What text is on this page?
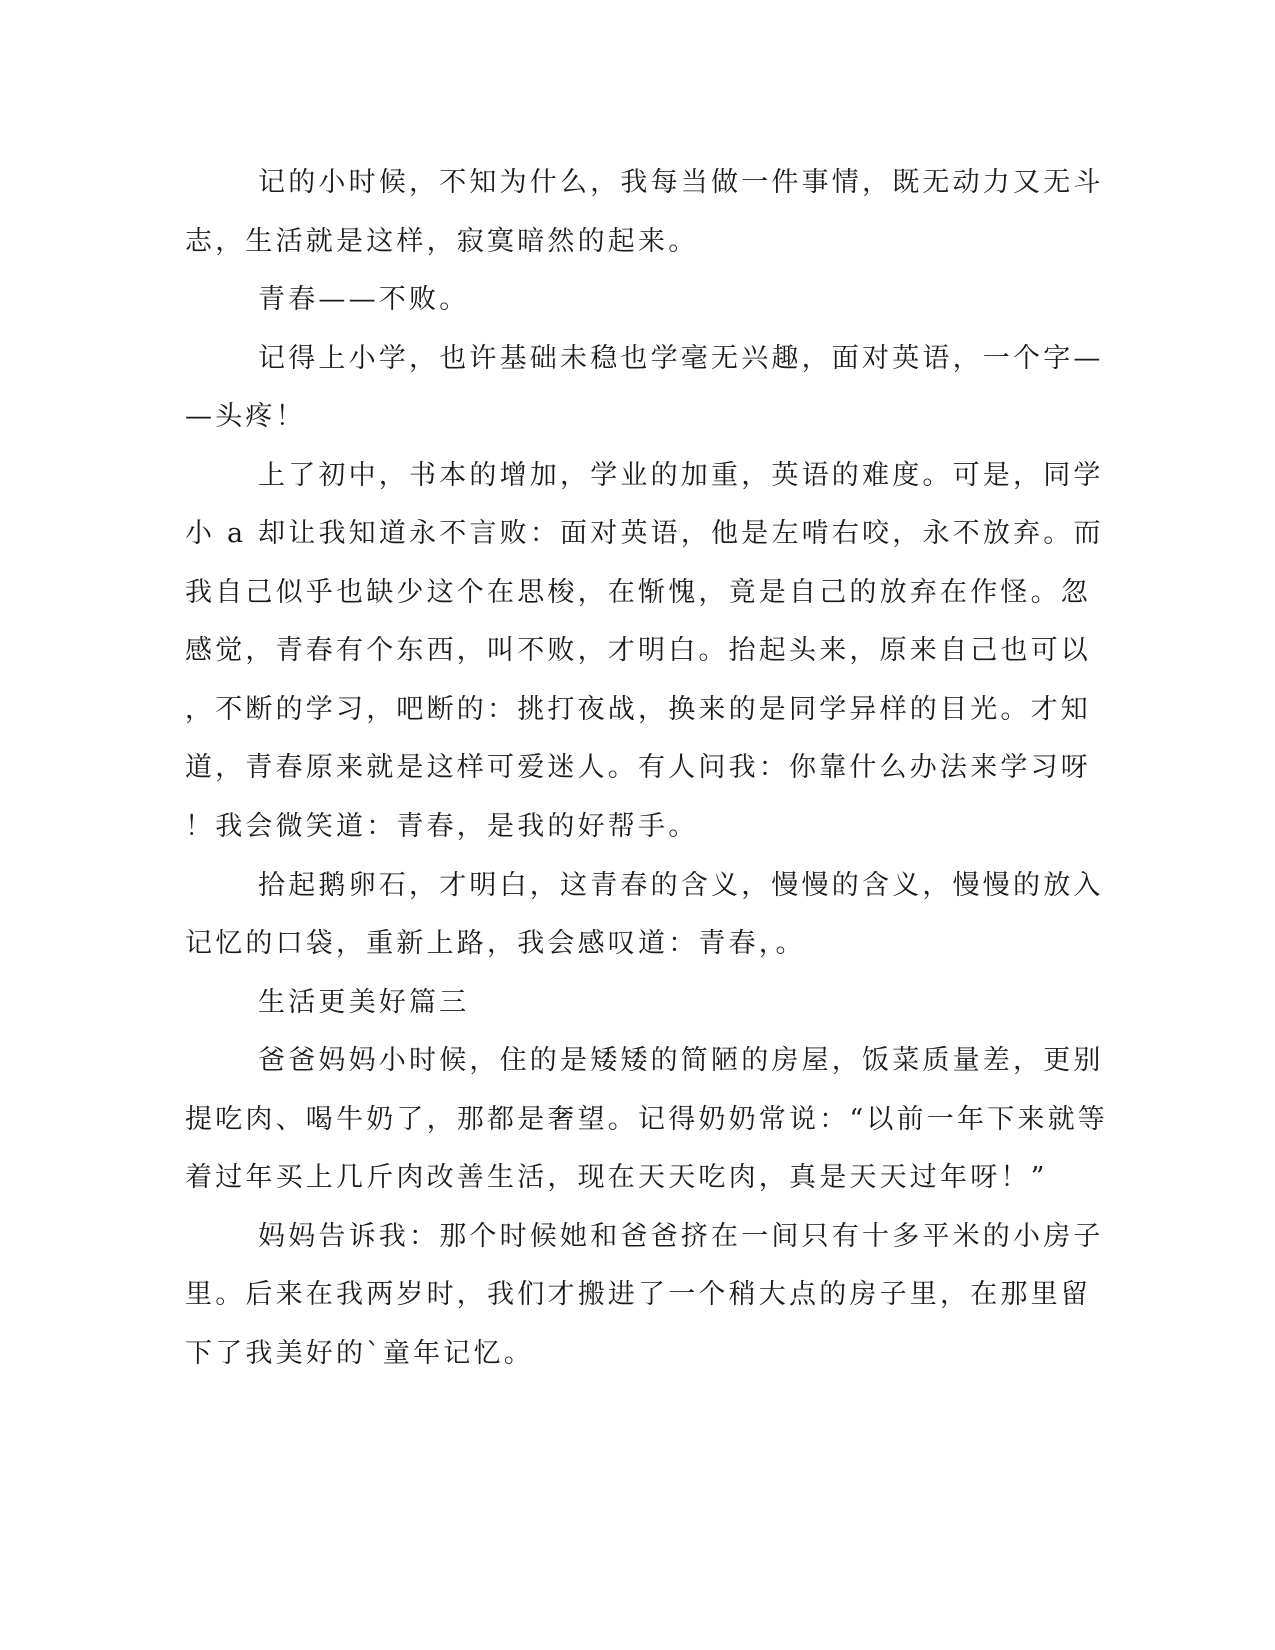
记的小时候，不知为什么，我每当做一件事情，既无动力又无斗
志，生活就是这样，寂寞暗然的起来。
青春——不败。
记得上小学，也许基础未稳也学毫无兴趣，面对英语，一个字—
—头疼！
上了初中，书本的增加，学业的加重，英语的难度。可是，同学
小 a 却让我知道永不言败：面对英语，他是左啃右咬，永不放弃。而
我自己似乎也缺少这个在思梭，在惭愧，竟是自己的放弃在作怪。忽
感觉，青春有个东西，叫不败，才明白。抬起头来，原来自己也可以
，不断的学习，吧断的：挑打夜战，换来的是同学异样的目光。才知
道，青春原来就是这样可爱迷人。有人问我：你靠什么办法来学习呀
！我会微笑道：青春，是我的好帮手。
拾起鹅卵石，才明白，这青春的含义，慢慢的含义，慢慢的放入
记忆的口袋，重新上路，我会感叹道：青春，。
生活更美好篇三
爸爸妈妈小时候，住的是矮矮的简陋的房屋，饭菜质量差，更别
提吃肉、喝牛奶了，那都是奢望。记得奶奶常说：“以前一年下来就等
着过年买上几斤肉改善生活，现在天天吃肉，真是天天过年呀！”
妈妈告诉我：那个时候她和爸爸挤在一间只有十多平米的小房子
里。后来在我两岁时，我们才搬进了一个稍大点的房子里，在那里留
下了我美好的`童年记忆。
